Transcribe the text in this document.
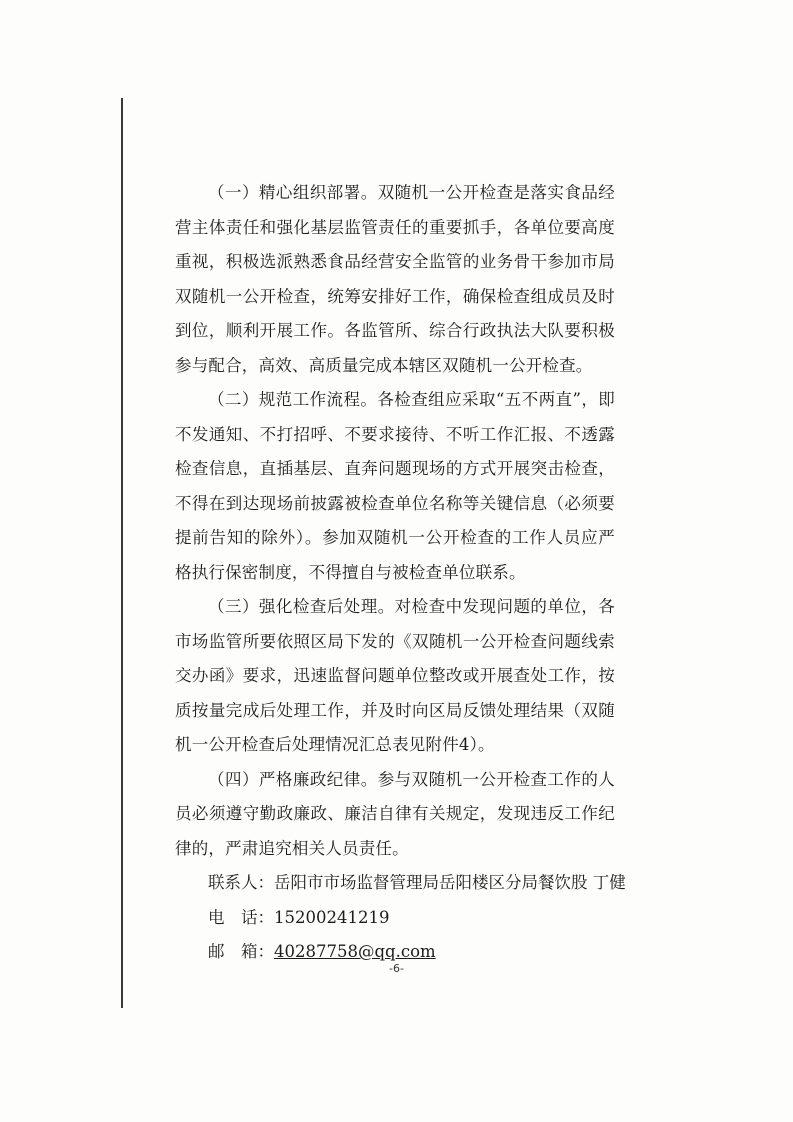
（一）精心组织部署。双随机一公开检查是落实食品经营主体责任和强化基层监管责任的重要抓手，各单位要高度重视，积极选派熟悉食品经营安全监管的业务骨干参加市局双随机一公开检查，统筹安排好工作，确保检查组成员及时到位，顺利开展工作。各监管所、综合行政执法大队要积极参与配合，高效、高质量完成本辖区双随机一公开检查。

（二）规范工作流程。各检查组应采取“五不两直”，即不发通知、不打招呼、不要求接待、不听工作汇报、不透露检查信息，直插基层、直奔问题现场的方式开展突击检查，不得在到达现场前披露被检查单位名称等关键信息（必须要提前告知的除外）。参加双随机一公开检查的工作人员应严格执行保密制度，不得擅自与被检查单位联系。

（三）强化检查后处理。对检查中发现问题的单位，各市场监管所要依照区局下发的《双随机一公开检查问题线索交办函》要求，迅速监督问题单位整改或开展查处工作，按质按量完成后处理工作，并及时向区局反馈处理结果（双随机一公开检查后处理情况汇总表见附件4）。

（四）严格廉政纪律。参与双随机一公开检查工作的人员必须遵守勤政廉政、廉洁自律有关规定，发现违反工作纪律的，严肃追究相关人员责任。

联系人：岳阳市市场监督管理局岳阳楼区分局餐饮股 丁健

电　话：15200241219

邮　箱：40287758@qq.com

-6-
